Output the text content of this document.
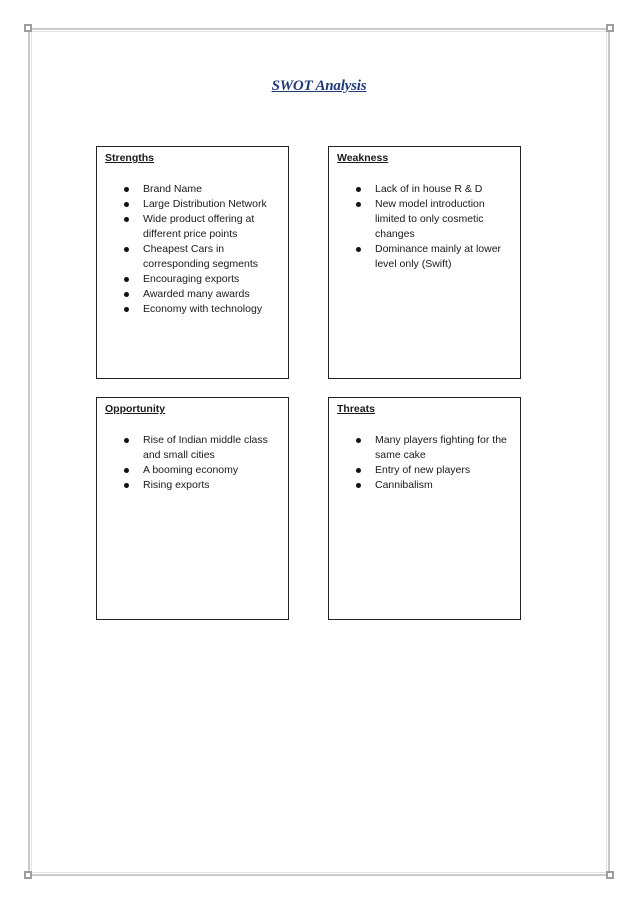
SWOT Analysis
Strengths
Brand Name
Large Distribution Network
Wide product offering at different price points
Cheapest Cars in corresponding segments
Encouraging exports
Awarded many awards
Economy with technology
Weakness
Lack of in house R & D
New model introduction limited to only cosmetic changes
Dominance mainly at lower level only (Swift)
Opportunity
Rise of Indian middle class and small cities
A booming economy
Rising exports
Threats
Many players fighting for the same cake
Entry of new players
Cannibalism
